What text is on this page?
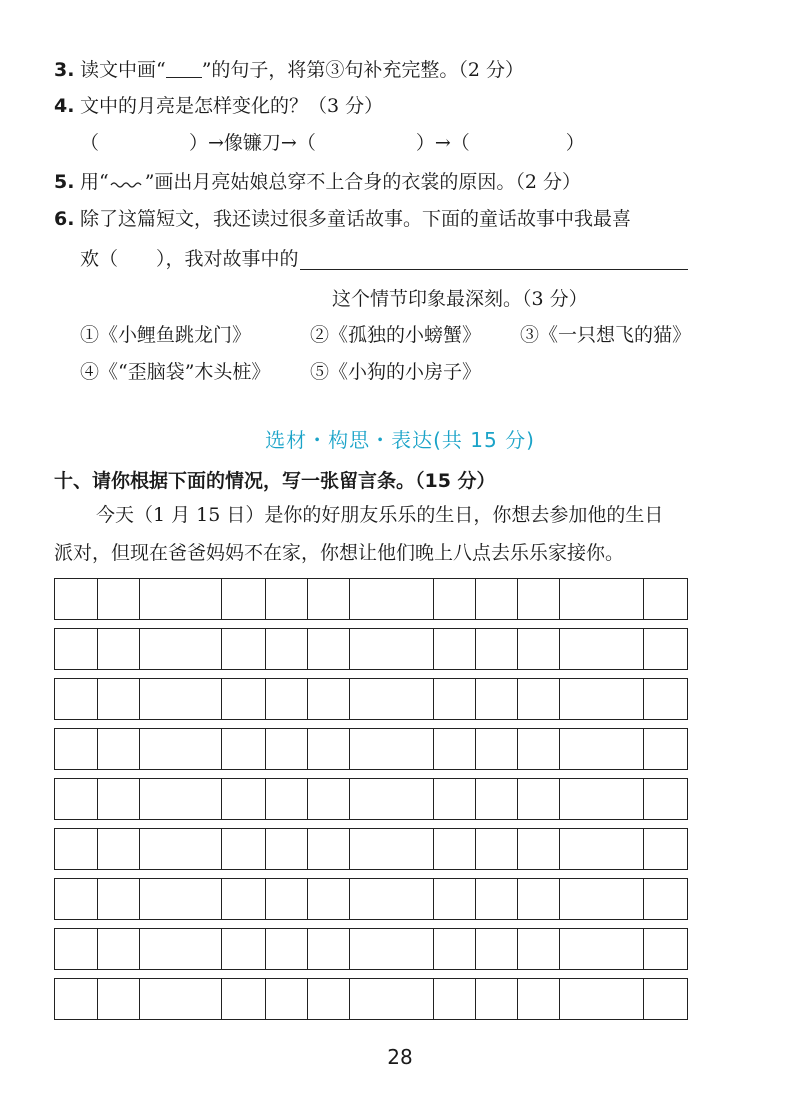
3. 读文中画“ ”的句子，将第③句补充完整。（2 分）
4. 文中的月亮是怎样变化的？（3 分）
（	）→像镰刀→（	）→（	）
5. 用“ ”画出月亮姑娘总穿不上合身的衣裳的原因。（2 分）
6. 除了这篇短文，我还读过很多童话故事。下面的童话故事中我最喜
欢（　　），我对故事中的
这个情节印象最深刻。（3 分）
①《小鲤鱼跳龙门》	②《孤独的小螃蟹》 ③《一只想飞的猫》
④《“歪脑袋”木头桩》 ⑤《小狗的小房子》
选材・构思・表达(共 15 分)
十、请你根据下面的情况，写一张留言条。（15 分）
今天（1 月 15 日）是你的好朋友乐乐的生日，你想去参加他的生日
派对，但现在爸爸妈妈不在家，你想让他们晚上八点去乐乐家接你。
28
